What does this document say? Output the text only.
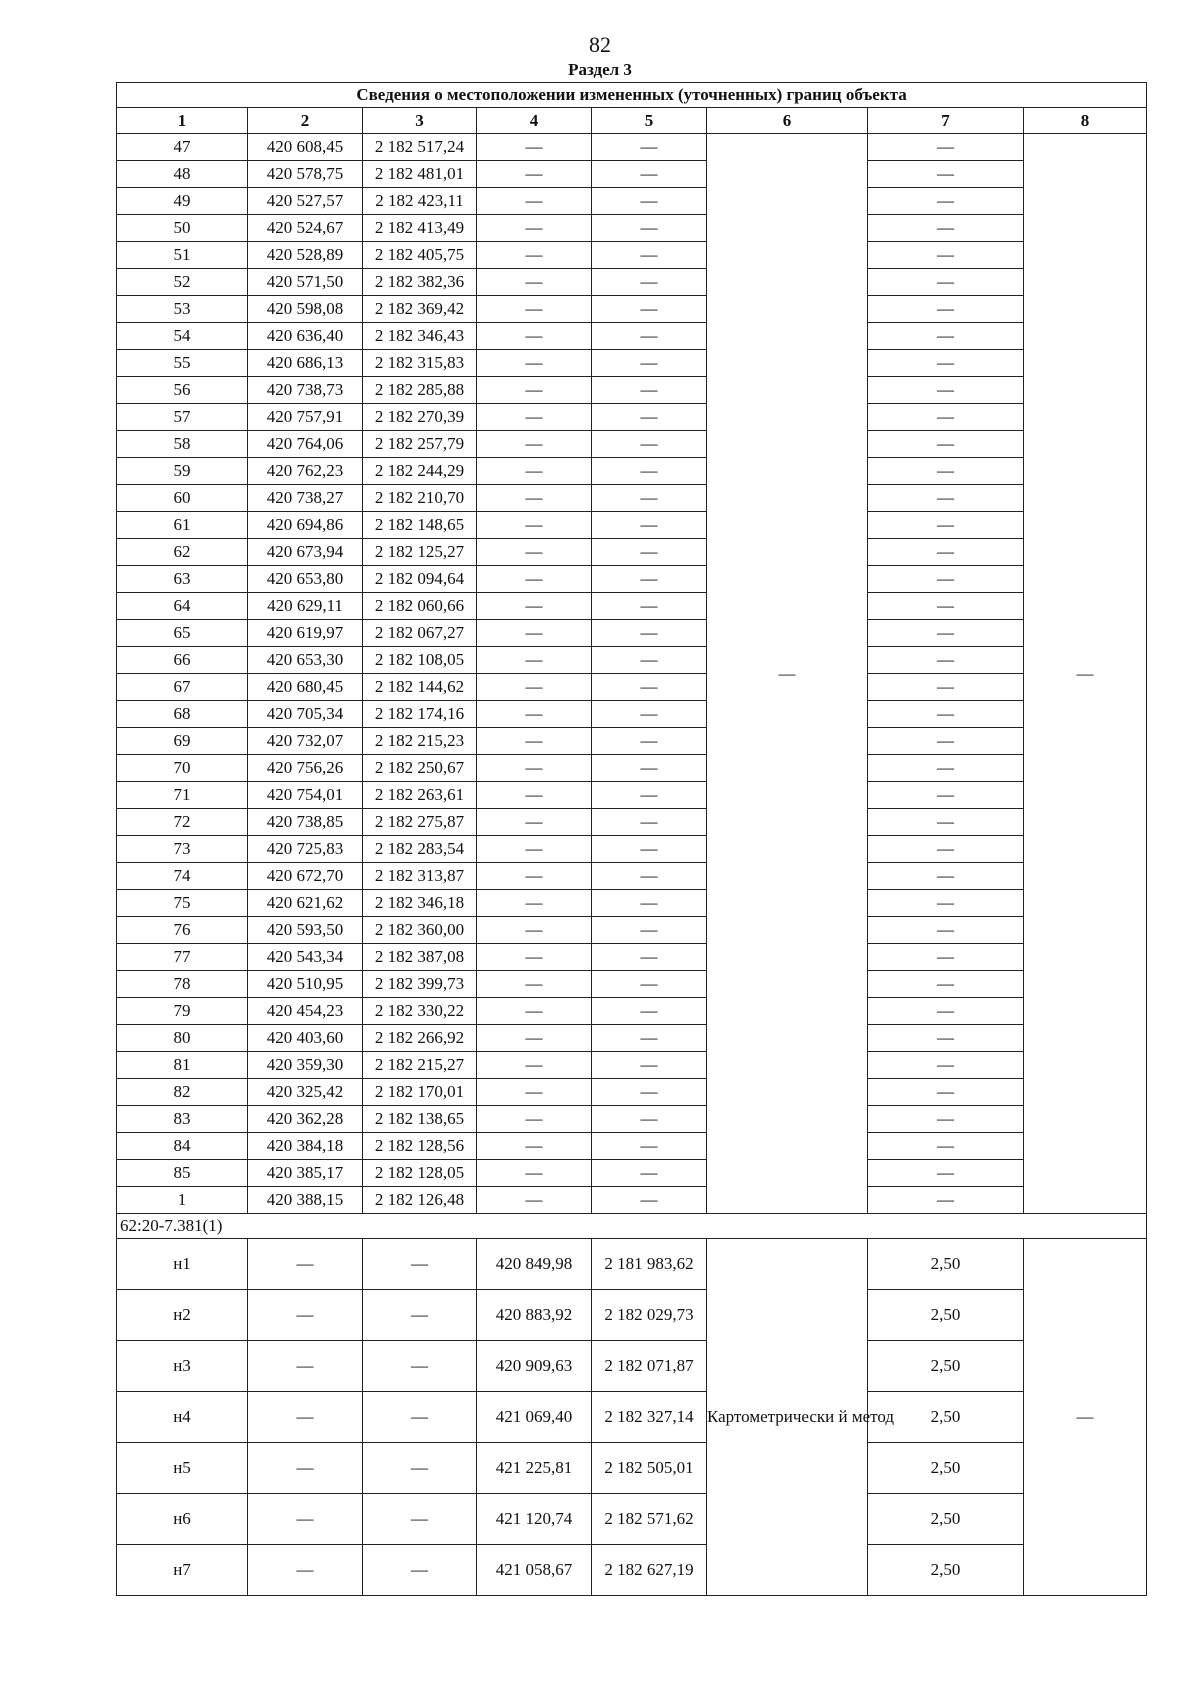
82
Раздел 3
Сведения о местоположении измененных (уточненных) границ объекта							
1	2	3	4	5	6	7	8
47	420 608,45	2 182 517,24	—	—	—	—	—
48	420 578,75	2 182 481,01	—	—		—	
49	420 527,57	2 182 423,11	—	—		—	
50	420 524,67	2 182 413,49	—	—		—	
51	420 528,89	2 182 405,75	—	—		—	
52	420 571,50	2 182 382,36	—	—		—	
53	420 598,08	2 182 369,42	—	—		—	
54	420 636,40	2 182 346,43	—	—		—	
55	420 686,13	2 182 315,83	—	—		—	
56	420 738,73	2 182 285,88	—	—		—	
57	420 757,91	2 182 270,39	—	—		—	
58	420 764,06	2 182 257,79	—	—		—	
59	420 762,23	2 182 244,29	—	—		—	
60	420 738,27	2 182 210,70	—	—		—	
61	420 694,86	2 182 148,65	—	—		—	
62	420 673,94	2 182 125,27	—	—		—	
63	420 653,80	2 182 094,64	—	—		—	
64	420 629,11	2 182 060,66	—	—		—	
65	420 619,97	2 182 067,27	—	—		—	
66	420 653,30	2 182 108,05	—	—		—	
67	420 680,45	2 182 144,62	—	—		—	
68	420 705,34	2 182 174,16	—	—		—	
69	420 732,07	2 182 215,23	—	—		—	
70	420 756,26	2 182 250,67	—	—		—	
71	420 754,01	2 182 263,61	—	—		—	
72	420 738,85	2 182 275,87	—	—		—	
73	420 725,83	2 182 283,54	—	—		—	
74	420 672,70	2 182 313,87	—	—		—	
75	420 621,62	2 182 346,18	—	—		—	
76	420 593,50	2 182 360,00	—	—		—	
77	420 543,34	2 182 387,08	—	—		—	
78	420 510,95	2 182 399,73	—	—		—	
79	420 454,23	2 182 330,22	—	—		—	
80	420 403,60	2 182 266,92	—	—		—	
81	420 359,30	2 182 215,27	—	—		—	
82	420 325,42	2 182 170,01	—	—		—	
83	420 362,28	2 182 138,65	—	—		—	
84	420 384,18	2 182 128,56	—	—		—	
85	420 385,17	2 182 128,05	—	—		—	
1	420 388,15	2 182 126,48	—	—		—	
62:20-7.381(1)							
н1	—	—	420 849,98	2 181 983,62	Картометрически й метод	2,50	—
н2	—	—	420 883,92	2 182 029,73		2,50	
н3	—	—	420 909,63	2 182 071,87		2,50	
н4	—	—	421 069,40	2 182 327,14		2,50	
н5	—	—	421 225,81	2 182 505,01		2,50	
н6	—	—	421 120,74	2 182 571,62		2,50	
н7	—	—	421 058,67	2 182 627,19		2,50	
